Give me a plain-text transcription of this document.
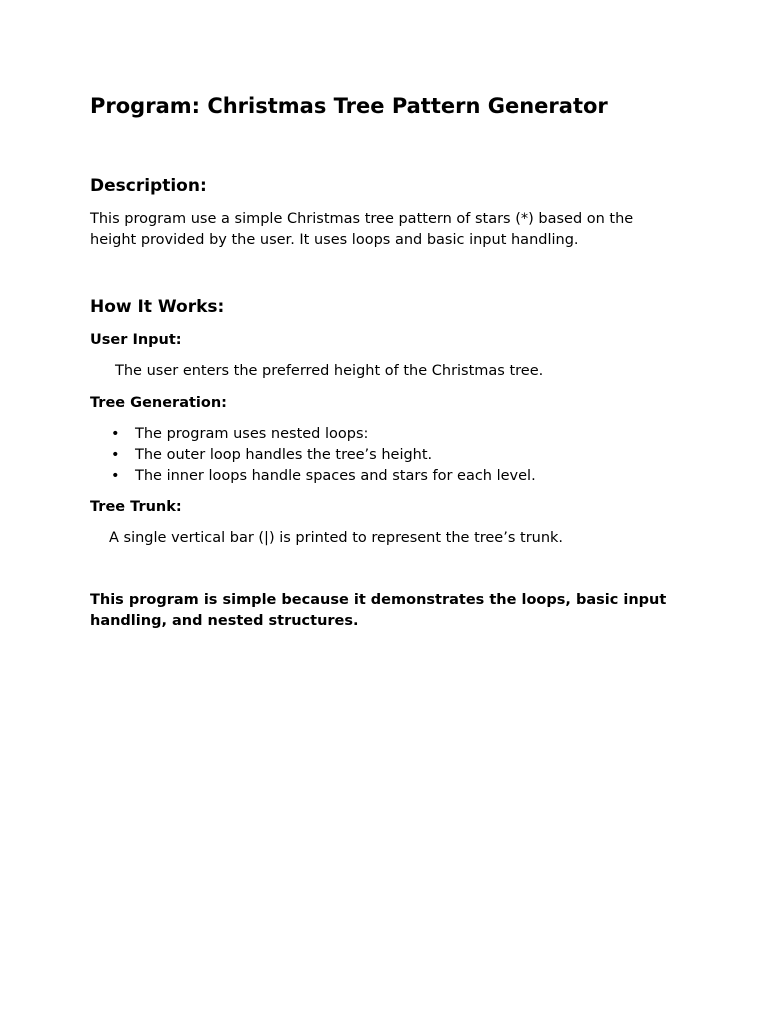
Program: Christmas Tree Pattern Generator
Description:

This program use a simple Christmas tree pattern of stars (*) based on the height provided by the user. It uses loops and basic input handling.

How It Works:
User Input:

The user enters the preferred height of the Christmas tree.

Tree Generation:
• The program uses nested loops:
• The outer loop handles the tree’s height.
• The inner loops handle spaces and stars for each level.
Tree Trunk:

A single vertical bar (|) is printed to represent the tree’s trunk.

This program is simple because it demonstrates the loops, basic input handling, and nested structures.
